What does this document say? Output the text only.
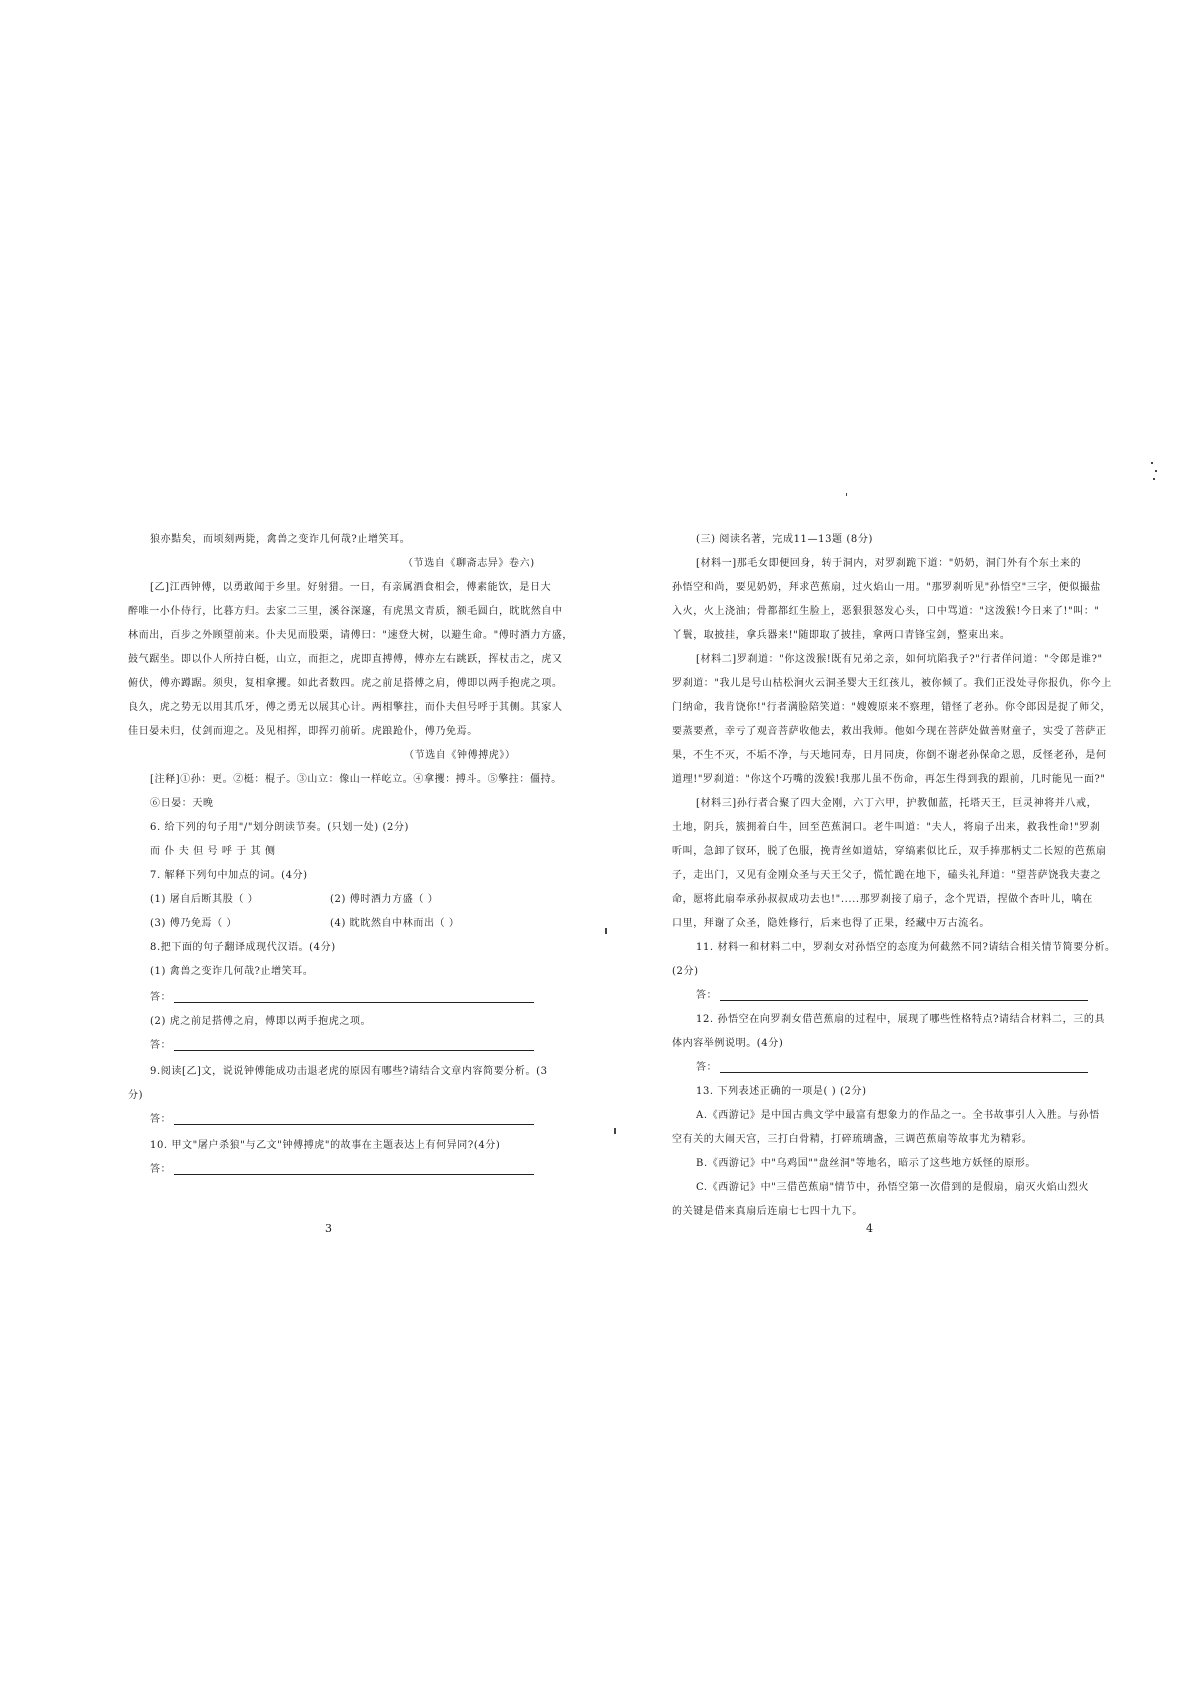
狼亦黠矣，而顷刻两毙，禽兽之变诈几何哉?止增笑耳。
（节选自《聊斋志异》卷六)
[乙]江西钟傅，以勇敢闻于乡里。好射猎。一日，有亲属酒食相会，傅素能饮，是日大
醉唯一小仆侍行，比暮方归。去家二三里，溪谷深邃，有虎黑文青质，额毛圆白，眈眈然自中
林而出，百步之外顾望前来。仆夫见而股栗，请傅曰："速登大树，以避生命。"傅时酒力方盛，
鼓气踞坐。即以仆人所持白梃，山立，而拒之，虎即直搏傅，傅亦左右跳跃，挥杖击之，虎又
俯伏，傅亦蹲踞。须臾，复相拿攫。如此者数四。虎之前足搭傅之肩，傅即以两手抱虎之项。
良久，虎之势无以用其爪牙，傅之勇无以展其心计。两相擎拄，而仆夫但号呼于其侧。其家人
佳日晏未归，仗剑而迎之。及见相挥，即挥刃前斫。虎踉跄仆，傅乃免焉。
（节选自《钟傅搏虎》）
[注释]①孙：更。②梃：棍子。③山立：像山一样屹立。④拿攫：搏斗。⑤擎拄：僵持。
⑥日晏：天晚
6. 给下列的句子用"/"划分朗读节奏。(只划一处) (2分)
而 仆 夫 但 号 呼 于 其 侧
7. 解释下列句中加点的词。(4分)
(1) 屠自后断其股（ ）	(2) 傅时酒力方盛（ ）
(3) 傅乃免焉（ ）	(4) 眈眈然自中林而出（ ）
8.把下面的句子翻译成现代汉语。(4分)
(1) 禽兽之变诈几何哉?止增笑耳。
答：
(2) 虎之前足搭傅之肩，傅即以两手抱虎之项。
答：
9.阅读[乙]文，说说钟傅能成功击退老虎的原因有哪些?请结合文章内容简要分析。(3
分)
答：
10. 甲文"屠户杀狼"与乙文"钟傅搏虎"的故事在主题表达上有何异同?(4分)
答：
3
(三) 阅读名著，完成11—13题 (8分)
[材料一]那毛女即便回身，转于洞内，对罗刹跪下道："奶奶，洞门外有个东土来的
孙悟空和尚，要见奶奶，拜求芭蕉扇，过火焰山一用。"那罗刹听见"孙悟空"三字，便似撮盐
入火，火上浇油；骨都都红生脸上，恶狠狠怒发心头，口中骂道："这泼猴!今日来了!"叫："
丫鬟，取披挂，拿兵器来!"随即取了披挂，拿两口青锋宝剑，整束出来。
[材料二]罗刹道："你这泼猴!既有兄弟之亲，如何坑陷我子?"行者佯问道："令郎是谁?"
罗刹道："我儿是号山枯松涧火云洞圣婴大王红孩儿，被你倾了。我们正没处寻你报仇，你今上
门纳命，我肯饶你!"行者满脸陪笑道："嫂嫂原来不察理，错怪了老孙。你令郎因是捉了师父，
要蒸要煮，幸亏了观音菩萨收他去，救出我师。他如今现在菩萨处做善财童子，实受了菩萨正
果，不生不灭，不垢不净，与天地同寿，日月同庚，你倒不谢老孙保命之恩，反怪老孙，是何
道理!"罗刹道："你这个巧嘴的泼猴!我那儿虽不伤命，再怎生得到我的跟前，几时能见一面?"
[材料三]孙行者合聚了四大金刚，六丁六甲，护教伽蓝，托塔天王，巨灵神将并八戒，
土地，阴兵，簇拥着白牛，回至芭蕉洞口。老牛叫道："夫人，将扇子出来，救我性命!"罗刹
听叫，急卸了钗环，脱了色服，挽青丝如道姑，穿缟素似比丘，双手捧那柄丈二长短的芭蕉扇
子，走出门，又见有金刚众圣与天王父子，慌忙跪在地下，磕头礼拜道："望菩萨饶我夫妻之
命，愿将此扇奉承孙叔叔成功去也!".....那罗刹接了扇子，念个咒语，捏做个杏叶儿，噙在
口里，拜谢了众圣，隐姓修行，后来也得了正果，经藏中万古流名。
11. 材料一和材料二中，罗刹女对孙悟空的态度为何截然不同?请结合相关情节简要分析。
(2分)
答：
12. 孙悟空在向罗刹女借芭蕉扇的过程中，展现了哪些性格特点?请结合材料二，三的具
体内容举例说明。(4分)
答：
13. 下列表述正确的一项是( ) (2分)
A.《西游记》是中国古典文学中最富有想象力的作品之一。全书故事引人入胜。与孙悟
空有关的大闹天宫，三打白骨精，打碎琉璃盏，三调芭蕉扇等故事尤为精彩。
B.《西游记》中"乌鸡国""盘丝洞"等地名，暗示了这些地方妖怪的原形。
C.《西游记》中"三借芭蕉扇"情节中，孙悟空第一次借到的是假扇，扇灭火焰山烈火
的关键是借来真扇后连扇七七四十九下。
4
